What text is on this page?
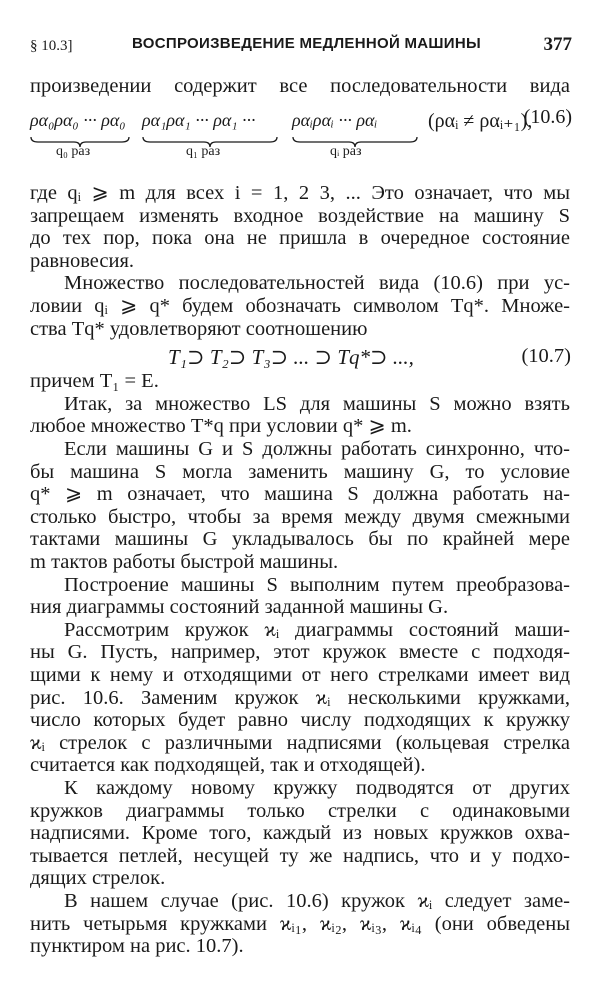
§ 10.3]	ВОСПРОИЗВЕДЕНИЕ МЕДЛЕННОЙ МАШИНЫ	377
произведении содержит все последовательности вида
ρα₀ρα₀ ··· ρα₀ ρα₁ρα₁ ··· ρα₁ ··· ραᵢραᵢ ··· ραᵢ
q₀ раз	q₁ раз	qᵢ раз
(ραᵢ ≠ ραᵢ₊₁),
(10.6)
где qᵢ ⩾ m для всех i = 1, 2 3, ... Это означает, что мы
запрещаем изменять входное воздействие на машину S
до тех пор, пока она не пришла в очередное состояние
равновесия.
Множество последовательностей вида (10.6) при ус-
ловии qᵢ ⩾ q* будем обозначать символом Tq*. Множе-
ства Tq* удовлетворяют соотношению
T₁⊃ T₂⊃ T₃⊃ ... ⊃ Tq*⊃ ...,	(10.7)
причем T₁ = E.
Итак, за множество LS для машины S можно взять
любое множество T*q при условии q* ⩾ m.
Если машины G и S должны работать синхронно, что-
бы машина S могла заменить машину G, то условие
q* ⩾ m означает, что машина S должна работать на-
столько быстро, чтобы за время между двумя смежными
тактами машины G укладывалось бы по крайней мере
m тактов работы быстрой машины.
Построение машины S выполним путем преобразова-
ния диаграммы состояний заданной машины G.
Рассмотрим кружок ϰᵢ диаграммы состояний маши-
ны G. Пусть, например, этот кружок вместе с подходя-
щими к нему и отходящими от него стрелками имеет вид
рис. 10.6. Заменим кружок ϰᵢ несколькими кружками,
число которых будет равно числу подходящих к кружку
ϰᵢ стрелок с различными надписями (кольцевая стрелка
считается как подходящей, так и отходящей).
К каждому новому кружку подводятся от других
кружков диаграммы только стрелки с одинаковыми
надписями. Кроме того, каждый из новых кружков охва-
тывается петлей, несущей ту же надпись, что и у подхо-
дящих стрелок.
В нашем случае (рис. 10.6) кружок ϰᵢ следует заме-
нить четырьмя кружками ϰᵢ₁, ϰᵢ₂, ϰᵢ₃, ϰᵢ₄ (они обведены
пунктиром на рис. 10.7).
